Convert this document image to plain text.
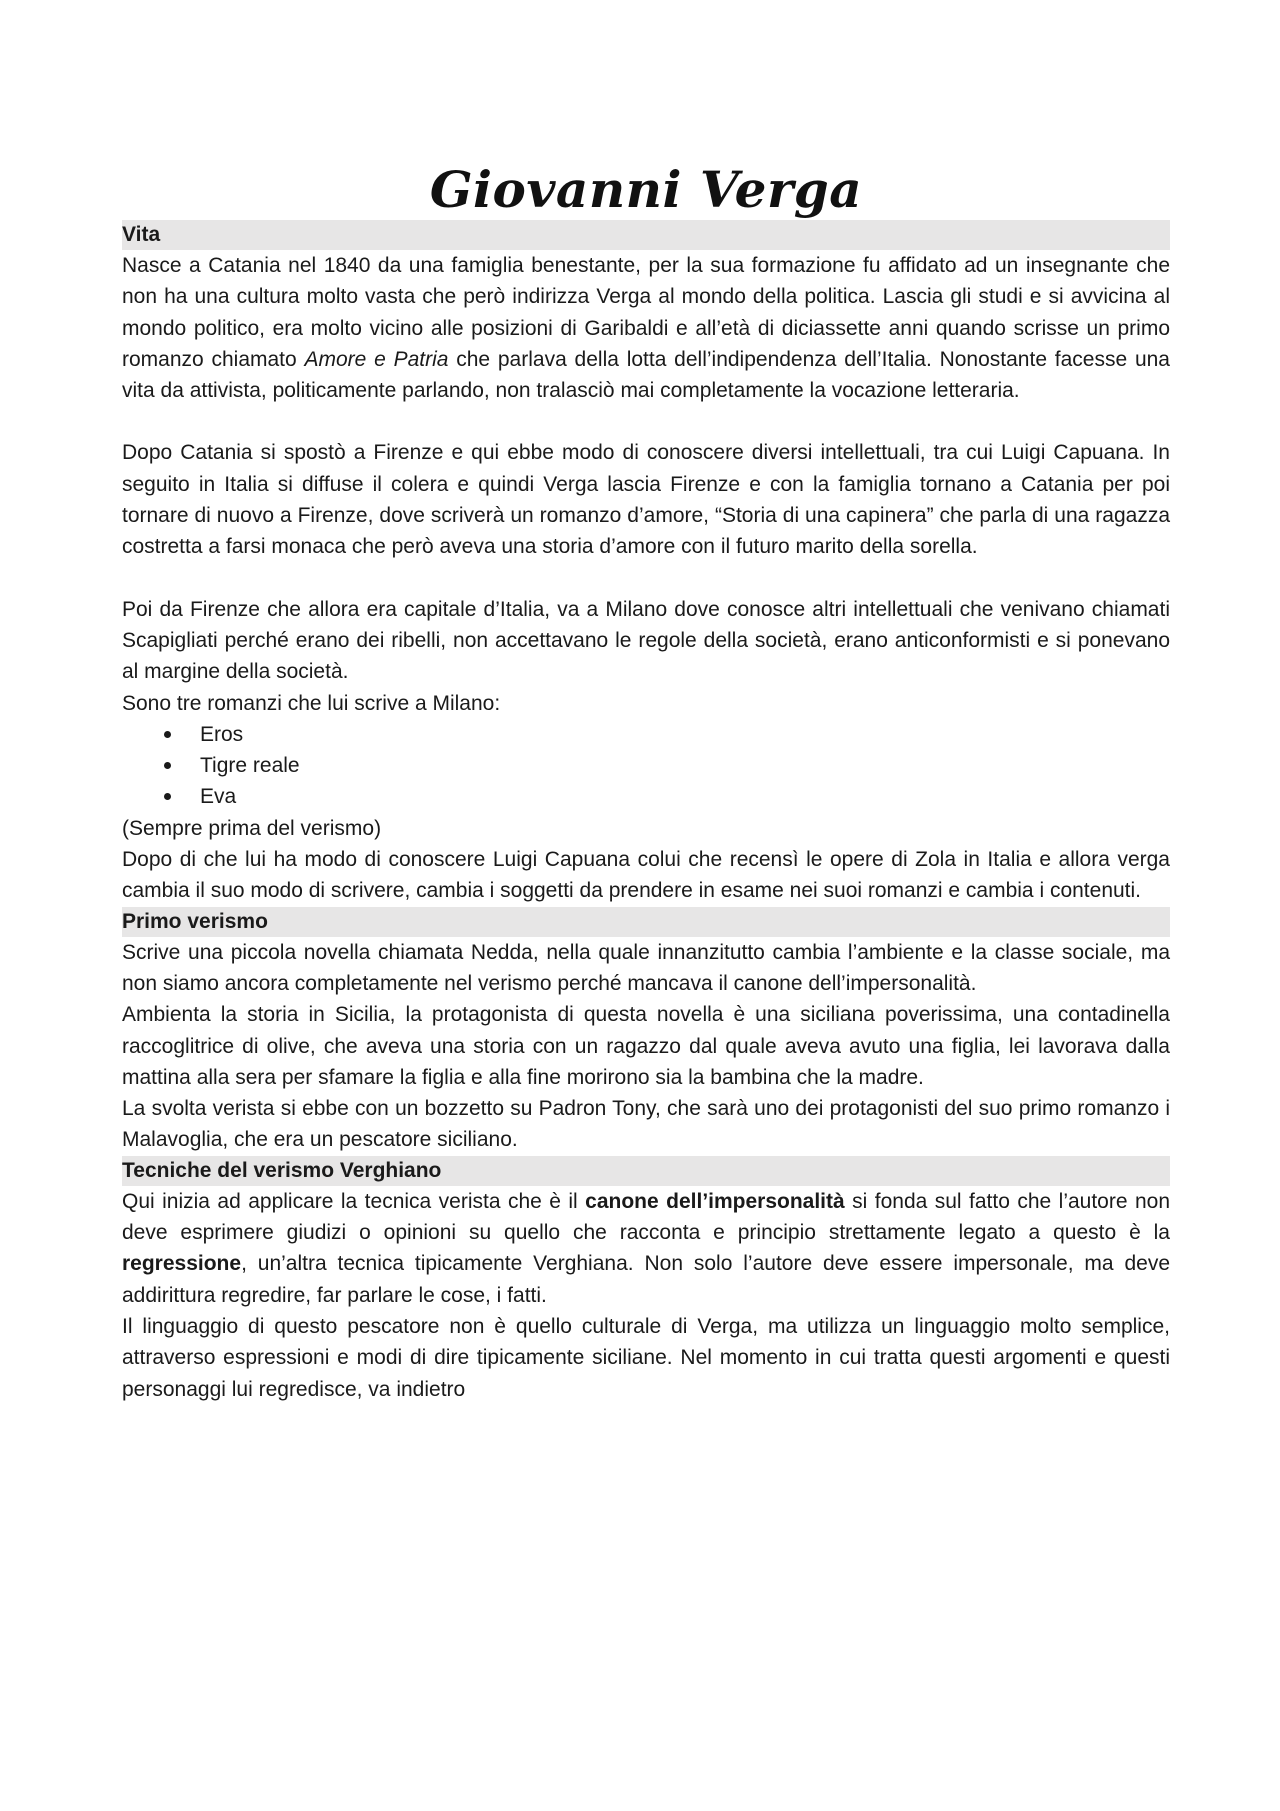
Giovanni Verga
Vita

Nasce a Catania nel 1840 da una famiglia benestante, per la sua formazione fu affidato ad un insegnante che non ha una cultura molto vasta che però indirizza Verga al mondo della politica. Lascia gli studi e si avvicina al mondo politico, era molto vicino alle posizioni di Garibaldi e all’età di diciassette anni quando scrisse un primo romanzo chiamato Amore e Patria che parlava della lotta dell’indipendenza dell’Italia. Nonostante facesse una vita da attivista, politicamente parlando, non tralasciò mai completamente la vocazione letteraria.

Dopo Catania si spostò a Firenze e qui ebbe modo di conoscere diversi intellettuali, tra cui Luigi Capuana. In seguito in Italia si diffuse il colera e quindi Verga lascia Firenze e con la famiglia tornano a Catania per poi tornare di nuovo a Firenze, dove scriverà un romanzo d’amore, “Storia di una capinera” che parla di una ragazza costretta a farsi monaca che però aveva una storia d’amore con il futuro marito della sorella.

Poi da Firenze che allora era capitale d’Italia, va a Milano dove conosce altri intellettuali che venivano chiamati Scapigliati perché erano dei ribelli, non accettavano le regole della società, erano anticonformisti e si ponevano al margine della società.

Sono tre romanzi che lui scrive a Milano:

Eros
Tigre reale
Eva

(Sempre prima del verismo)

Dopo di che lui ha modo di conoscere Luigi Capuana colui che recensì le opere di Zola in Italia e allora verga cambia il suo modo di scrivere, cambia i soggetti da prendere in esame nei suoi romanzi e cambia i contenuti.

Primo verismo

Scrive una piccola novella chiamata Nedda, nella quale innanzitutto cambia l’ambiente e la classe sociale, ma non siamo ancora completamente nel verismo perché mancava il canone dell’impersonalità.

Ambienta la storia in Sicilia, la protagonista di questa novella è una siciliana poverissima, una contadinella raccoglitrice di olive, che aveva una storia con un ragazzo dal quale aveva avuto una figlia, lei lavorava dalla mattina alla sera per sfamare la figlia e alla fine morirono sia la bambina che la madre.

La svolta verista si ebbe con un bozzetto su Padron Tony, che sarà uno dei protagonisti del suo primo romanzo i Malavoglia, che era un pescatore siciliano.

Tecniche del verismo Verghiano

Qui inizia ad applicare la tecnica verista che è il canone dell’impersonalità si fonda sul fatto che l’autore non deve esprimere giudizi o opinioni su quello che racconta e principio strettamente legato a questo è la regressione, un’altra tecnica tipicamente Verghiana. Non solo l’autore deve essere impersonale, ma deve addirittura regredire, far parlare le cose, i fatti.

Il linguaggio di questo pescatore non è quello culturale di Verga, ma utilizza un linguaggio molto semplice, attraverso espressioni e modi di dire tipicamente siciliane. Nel momento in cui tratta questi argomenti e questi personaggi lui regredisce, va indietro
